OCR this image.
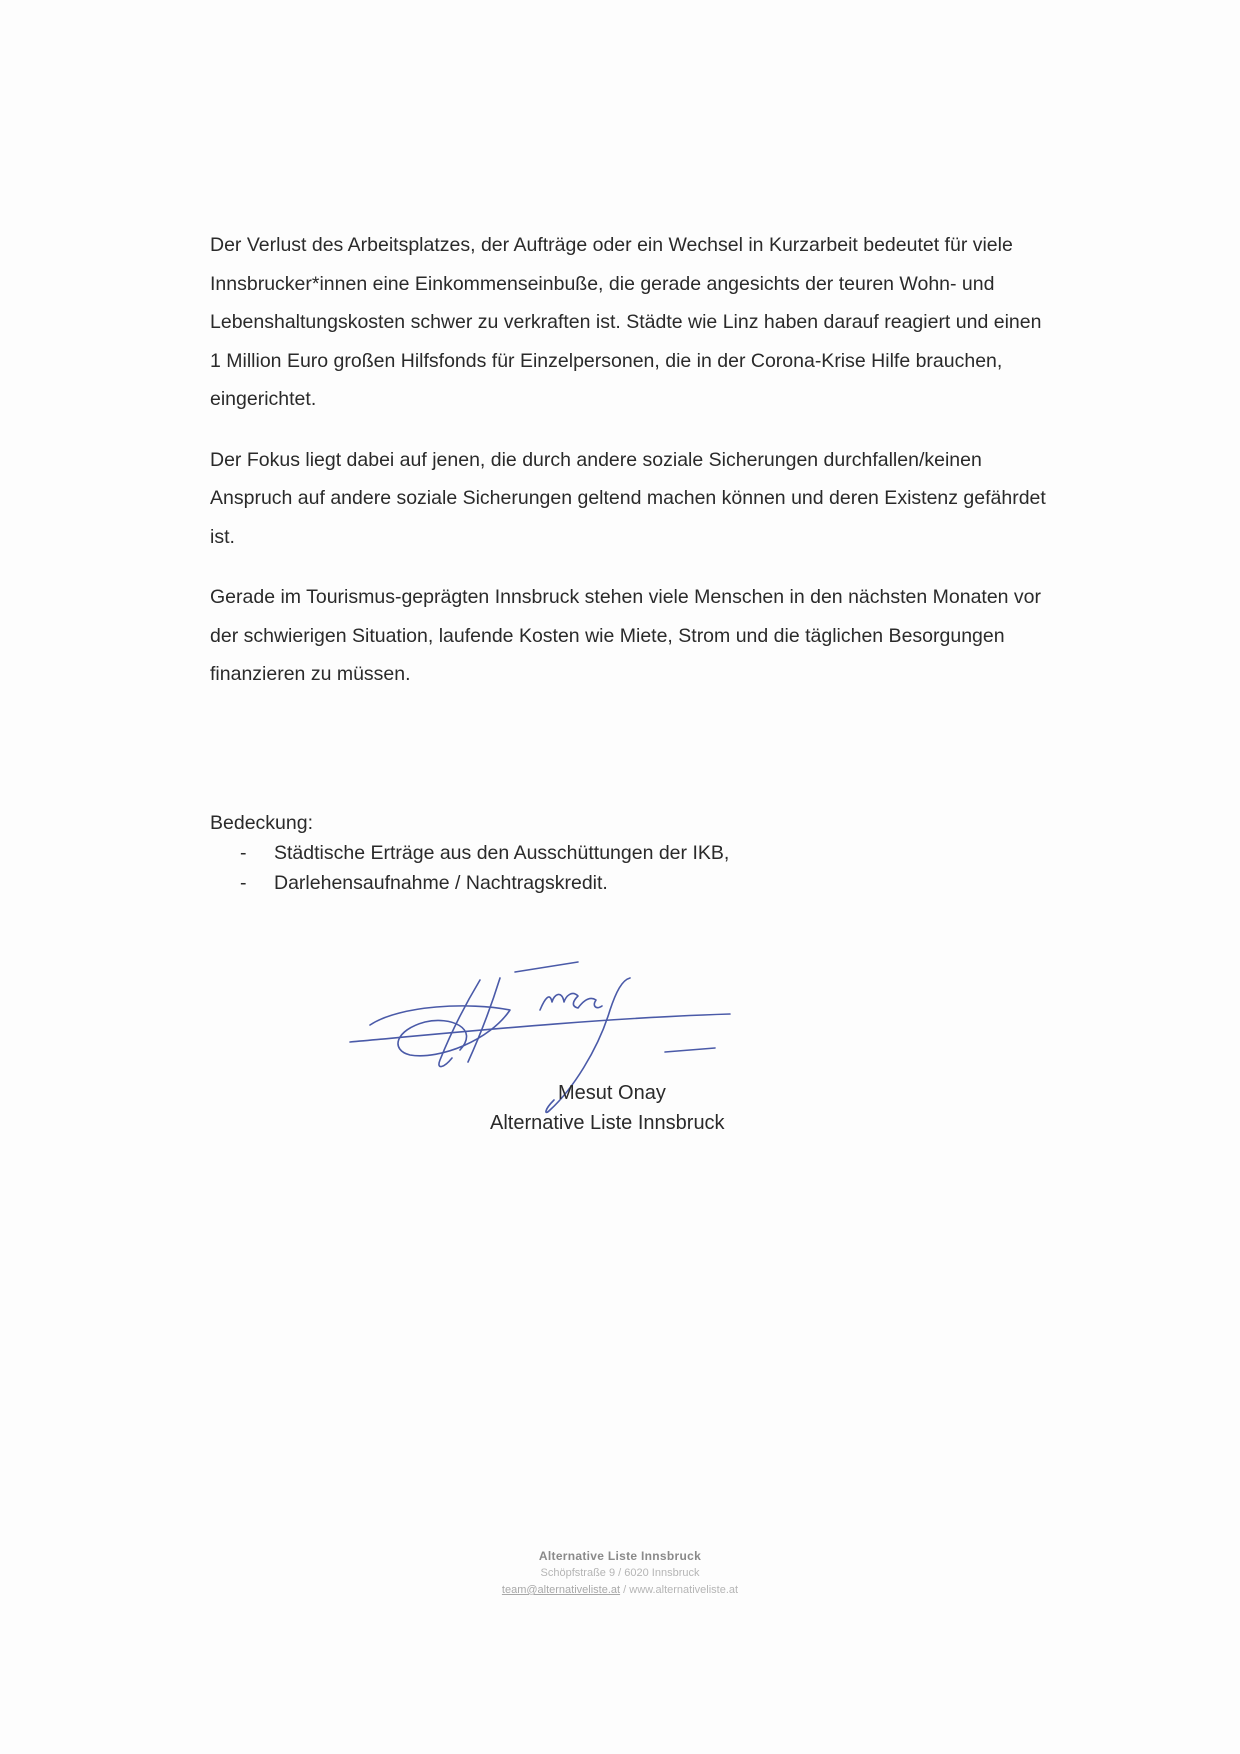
Der Verlust des Arbeitsplatzes, der Aufträge oder ein Wechsel in Kurzarbeit bedeutet für viele Innsbrucker*innen eine Einkommenseinbuße, die gerade angesichts der teuren Wohn- und Lebenshaltungskosten schwer zu verkraften ist. Städte wie Linz haben darauf reagiert und einen 1 Million Euro großen Hilfsfonds für Einzelpersonen, die in der Corona-Krise Hilfe brauchen, eingerichtet.

Der Fokus liegt dabei auf jenen, die durch andere soziale Sicherungen durchfallen/keinen Anspruch auf andere soziale Sicherungen geltend machen können und deren Existenz gefährdet ist.

Gerade im Tourismus-geprägten Innsbruck stehen viele Menschen in den nächsten Monaten vor der schwierigen Situation, laufende Kosten wie Miete, Strom und die täglichen Besorgungen finanzieren zu müssen.

Bedeckung:

- Städtische Erträge aus den Ausschüttungen der IKB,
- Darlehensaufnahme / Nachtragskredit.

Mesut Onay

Alternative Liste Innsbruck

Alternative Liste Innsbruck
Schöpfstraße 9 / 6020 Innsbruck
team@alternativeliste.at / www.alternativeliste.at
